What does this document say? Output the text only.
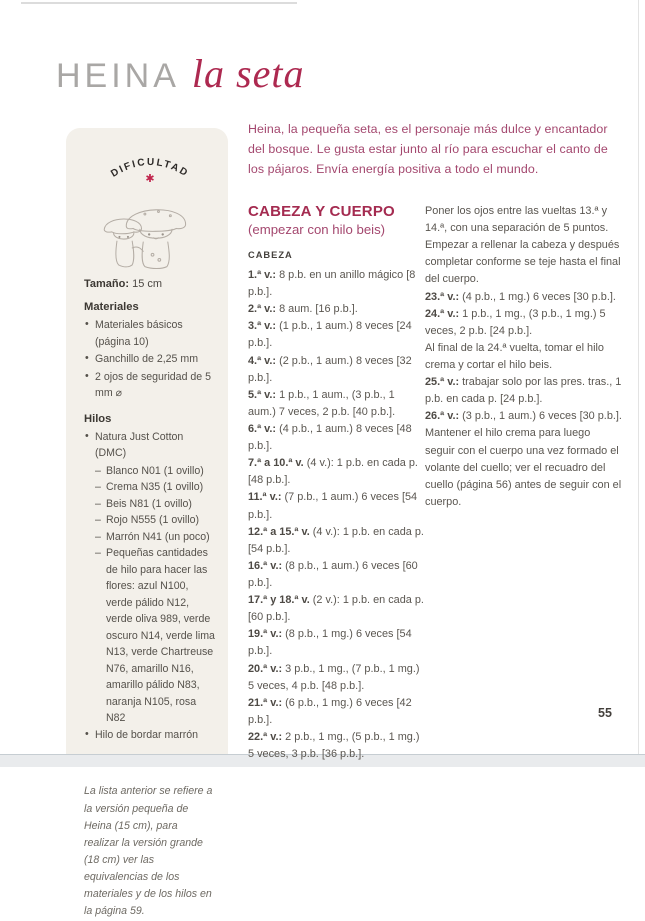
HEINA la seta
DIFICULTAD
✱
Tamaño: 15 cm
Materiales
• Materiales básicos (página 10)
• Ganchillo de 2,25 mm
• 2 ojos de seguridad de 5 mm ⌀
Hilos
• Natura Just Cotton (DMC)
– Blanco N01 (1 ovillo)
– Crema N35 (1 ovillo)
– Beis N81 (1 ovillo)
– Rojo N555 (1 ovillo)
– Marrón N41 (un poco)
– Pequeñas cantidades de hilo para hacer las flores: azul N100, verde pálido N12, verde oliva 989, verde oscuro N14, verde lima N13, verde Chartreuse N76, amarillo N16, amarillo pálido N83, naranja N105, rosa N82
• Hilo de bordar marrón
La lista anterior se refiere a la versión pequeña de Heina (15 cm), para realizar la versión grande (18 cm) ver las equivalencias de los materiales y de los hilos en la página 59.
Heina, la pequeña seta, es el personaje más dulce y encantador del bosque. Le gusta estar junto al río para escuchar el canto de los pájaros. Envía energía positiva a todo el mundo.
CABEZA Y CUERPO

(empezar con hilo beis)

CABEZA

1.ª v.: 8 p.b. en un anillo mágico [8 p.b.].

2.ª v.: 8 aum. [16 p.b.].

3.ª v.: (1 p.b., 1 aum.) 8 veces [24 p.b.].

4.ª v.: (2 p.b., 1 aum.) 8 veces [32 p.b.].

5.ª v.: 1 p.b., 1 aum., (3 p.b., 1 aum.) 7 veces, 2 p.b. [40 p.b.].

6.ª v.: (4 p.b., 1 aum.) 8 veces [48 p.b.].

7.ª a 10.ª v. (4 v.): 1 p.b. en cada p. [48 p.b.].

11.ª v.: (7 p.b., 1 aum.) 6 veces [54 p.b.].

12.ª a 15.ª v. (4 v.): 1 p.b. en cada p. [54 p.b.].

16.ª v.: (8 p.b., 1 aum.) 6 veces [60 p.b.].

17.ª y 18.ª v. (2 v.): 1 p.b. en cada p. [60 p.b.].

19.ª v.: (8 p.b., 1 mg.) 6 veces [54 p.b.].

20.ª v.: 3 p.b., 1 mg., (7 p.b., 1 mg.) 5 veces, 4 p.b. [48 p.b.].

21.ª v.: (6 p.b., 1 mg.) 6 veces [42 p.b.].

22.ª v.: 2 p.b., 1 mg., (5 p.b., 1 mg.) 5 veces, 3 p.b. [36 p.b.].

Poner los ojos entre las vueltas 13.ª y 14.ª, con una separación de 5 puntos. Empezar a rellenar la cabeza y después completar conforme se teje hasta el final del cuerpo.

23.ª v.: (4 p.b., 1 mg.) 6 veces [30 p.b.].

24.ª v.: 1 p.b., 1 mg., (3 p.b., 1 mg.) 5 veces, 2 p.b. [24 p.b.].

Al final de la 24.ª vuelta, tomar el hilo crema y cortar el hilo beis.

25.ª v.: trabajar solo por las pres. tras., 1 p.b. en cada p. [24 p.b.].

26.ª v.: (3 p.b., 1 aum.) 6 veces [30 p.b.].

Mantener el hilo crema para luego seguir con el cuerpo una vez formado el volante del cuello; ver el recuadro del cuello (página 56) antes de seguir con el cuerpo.

55
